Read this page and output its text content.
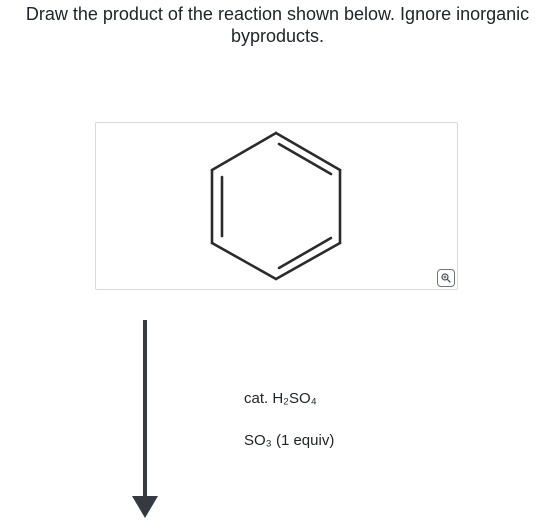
Draw the product of the reaction shown below. Ignore inorganic
byproducts.
cat. H₂SO₄
SO₃ (1 equiv)
